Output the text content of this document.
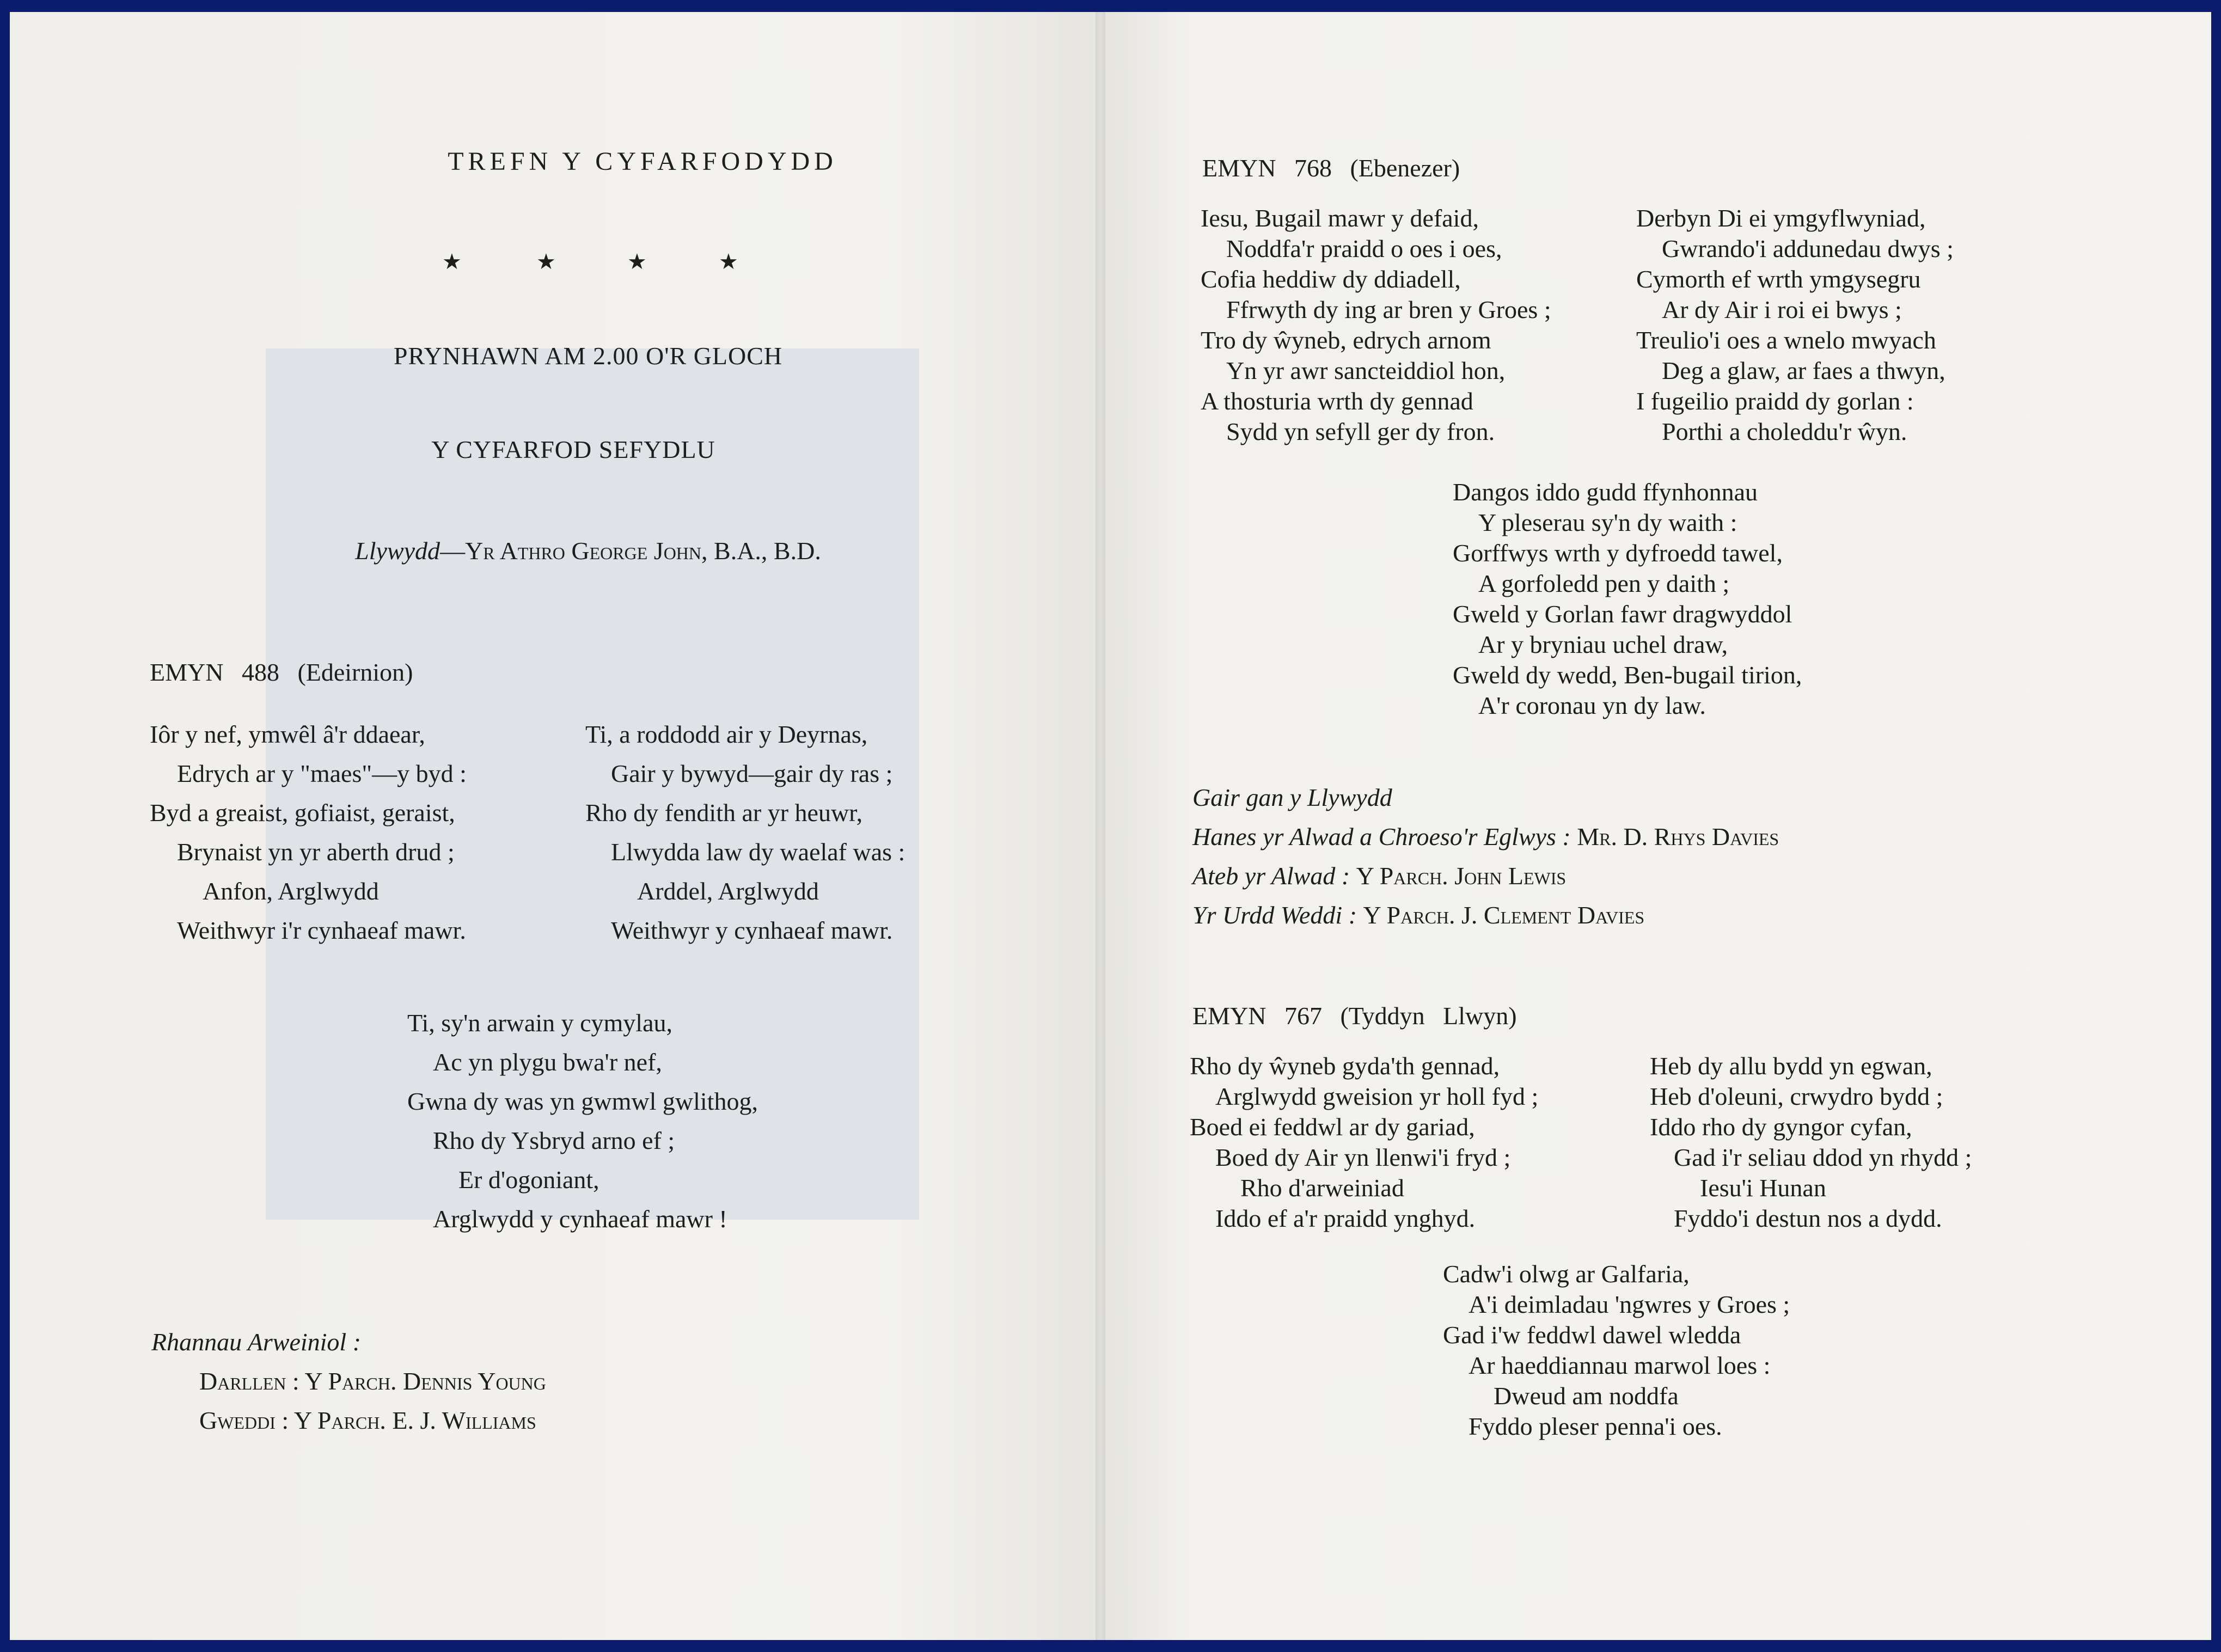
TREFN Y CYFARFODYDD
★	★	★	★
PRYNHAWN AM 2.00 O'R GLOCH
Y CYFARFOD SEFYDLU
Llywydd—Yr Athro George John, B.A., B.D.
EMYN 488 (Edeirnion)
Iôr y nef, ymwêl â'r ddaear,
Edrych ar y "maes"—y byd :
Byd a greaist, gofiaist, geraist,
Brynaist yn yr aberth drud ;
Anfon, Arglwydd
Weithwyr i'r cynhaeaf mawr.
Ti, a roddodd air y Deyrnas,
Gair y bywyd—gair dy ras ;
Rho dy fendith ar yr heuwr,
Llwydda law dy waelaf was :
Arddel, Arglwydd
Weithwyr y cynhaeaf mawr.
Ti, sy'n arwain y cymylau,
Ac yn plygu bwa'r nef,
Gwna dy was yn gwmwl gwlithog,
Rho dy Ysbryd arno ef ;
Er d'ogoniant,
Arglwydd y cynhaeaf mawr !
Rhannau Arweiniol :
Darllen : Y Parch. Dennis Young
Gweddi : Y Parch. E. J. Williams
EMYN 768 (Ebenezer)
Iesu, Bugail mawr y defaid,
Noddfa'r praidd o oes i oes,
Cofia heddiw dy ddiadell,
Ffrwyth dy ing ar bren y Groes ;
Tro dy ŵyneb, edrych arnom
Yn yr awr sancteiddiol hon,
A thosturia wrth dy gennad
Sydd yn sefyll ger dy fron.
Derbyn Di ei ymgyflwyniad,
Gwrando'i addunedau dwys ;
Cymorth ef wrth ymgysegru
Ar dy Air i roi ei bwys ;
Treulio'i oes a wnelo mwyach
Deg a glaw, ar faes a thwyn,
I fugeilio praidd dy gorlan :
Porthi a choleddu'r ŵyn.
Dangos iddo gudd ffynhonnau
Y pleserau sy'n dy waith :
Gorffwys wrth y dyfroedd tawel,
A gorfoledd pen y daith ;
Gweld y Gorlan fawr dragwyddol
Ar y bryniau uchel draw,
Gweld dy wedd, Ben-bugail tirion,
A'r coronau yn dy law.
Gair gan y Llywydd
Hanes yr Alwad a Chroeso'r Eglwys : Mr. D. Rhys Davies
Ateb yr Alwad : Y Parch. John Lewis
Yr Urdd Weddi : Y Parch. J. Clement Davies
EMYN 767 (Tyddyn Llwyn)
Rho dy ŵyneb gyda'th gennad,
Arglwydd gweision yr holl fyd ;
Boed ei feddwl ar dy gariad,
Boed dy Air yn llenwi'i fryd ;
Rho d'arweiniad
Iddo ef a'r praidd ynghyd.
Heb dy allu bydd yn egwan,
Heb d'oleuni, crwydro bydd ;
Iddo rho dy gyngor cyfan,
Gad i'r seliau ddod yn rhydd ;
Iesu'i Hunan
Fyddo'i destun nos a dydd.
Cadw'i olwg ar Galfaria,
A'i deimladau 'ngwres y Groes ;
Gad i'w feddwl dawel wledda
Ar haeddiannau marwol loes :
Dweud am noddfa
Fyddo pleser penna'i oes.
